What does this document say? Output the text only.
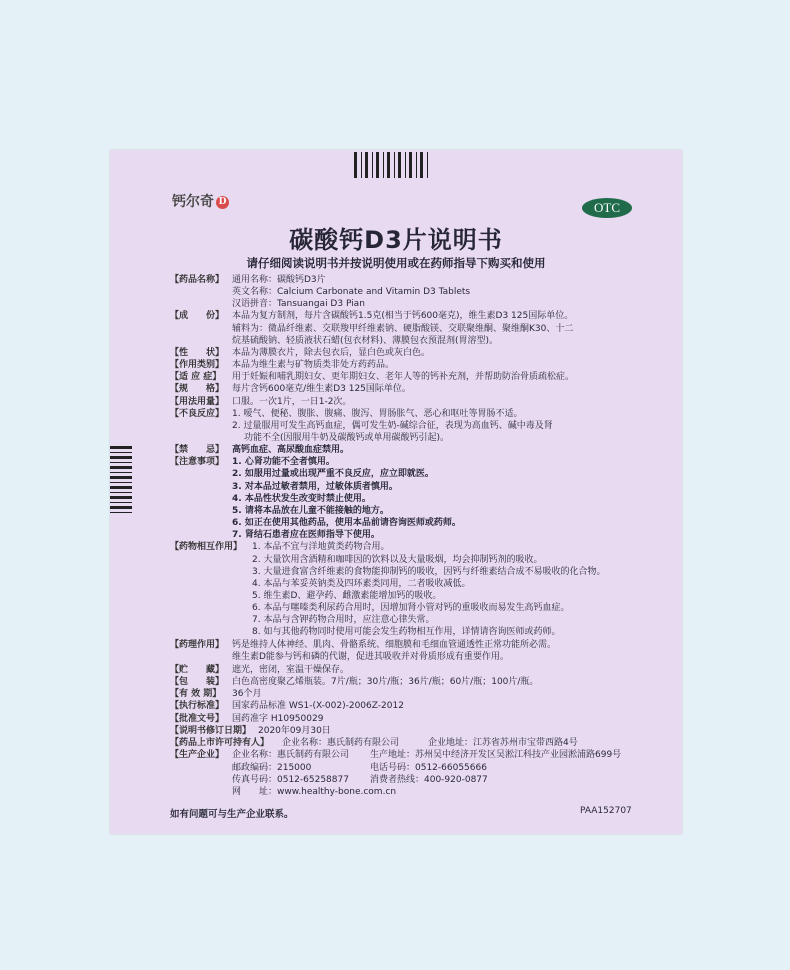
钙尔奇 D	OTC
碳酸钙D3片说明书
请仔细阅读说明书并按说明使用或在药师指导下购买和使用
【药品名称】 通用名称：碳酸钙D3片
英文名称：Calcium Carbonate and Vitamin D3 Tablets
汉语拼音：Tansuangai D3 Pian
【成　　份】 本品为复方制剂，每片含碳酸钙1.5克(相当于钙600毫克)，维生素D3 125国际单位。
辅料为：微晶纤维素、交联羧甲纤维素钠、硬脂酸镁、交联聚维酮、聚维酮K30、十二
烷基硫酸钠、轻质液状石蜡(包衣材料)、薄膜包衣预混剂(胃溶型)。
【性　　状】 本品为薄膜衣片，除去包衣后，显白色或灰白色。
【作用类别】 本品为维生素与矿物质类非处方药药品。
【适 应 症】	用于妊娠和哺乳期妇女、更年期妇女、老年人等的钙补充剂，并帮助防治骨质疏松症。
【规　　格】 每片含钙600毫克/维生素D3 125国际单位。
【用法用量】 口服。一次1片，一日1-2次。
【不良反应】 1. 嗳气、便秘、腹胀、腹痛、腹泻、胃肠胀气、恶心和呕吐等胃肠不适。
2. 过量服用可发生高钙血症，偶可发生奶-碱综合征，表现为高血钙、碱中毒及肾
功能不全(因服用牛奶及碳酸钙或单用碳酸钙引起)。
【禁　　忌】 高钙血症、高尿酸血症禁用。
【注意事项】 1. 心肾功能不全者慎用。
2. 如服用过量或出现严重不良反应，应立即就医。
3. 对本品过敏者禁用，过敏体质者慎用。
4. 本品性状发生改变时禁止使用。
5. 请将本品放在儿童不能接触的地方。
6. 如正在使用其他药品，使用本品前请咨询医师或药师。
7. 肾结石患者应在医师指导下使用。
【药物相互作用】 1. 本品不宜与洋地黄类药物合用。
2. 大量饮用含酒精和咖啡因的饮料以及大量吸烟，均会抑制钙剂的吸收。
3. 大量进食富含纤维素的食物能抑制钙的吸收，因钙与纤维素结合成不易吸收的化合物。
4. 本品与苯妥英钠类及四环素类同用，二者吸收减低。
5. 维生素D、避孕药、雌激素能增加钙的吸收。
6. 本品与噻嗪类利尿药合用时，因增加肾小管对钙的重吸收而易发生高钙血症。
7. 本品与含钾药物合用时，应注意心律失常。
8. 如与其他药物同时使用可能会发生药物相互作用，详情请咨询医师或药师。
【药理作用】 钙是维持人体神经、肌肉、骨骼系统、细胞膜和毛细血管通透性正常功能所必需。
维生素D能参与钙和磷的代谢，促进其吸收并对骨质形成有重要作用。
【贮　　藏】 遮光，密闭，室温干燥保存。
【包　　装】 白色高密度聚乙烯瓶装。7片/瓶；30片/瓶；36片/瓶；60片/瓶；100片/瓶。
【有 效 期】	36个月
【执行标准】 国家药品标准 WS1-(X-002)-2006Z-2012
【批准文号】 国药准字 H10950029
【说明书修订日期】 2020年09月30日
【药品上市许可持有人】 企业名称：惠氏制药有限公司	企业地址：江苏省苏州市宝带西路4号
【生产企业】 企业名称：惠氏制药有限公司 生产地址：苏州吴中经济开发区吴淞江科技产业园淞浦路699号
邮政编码：215000	电话号码：0512-66055666
传真号码：0512-65258877 消费者热线：400-920-0877
网　　址：www.healthy-bone.com.cn
如有问题可与生产企业联系。	PAA152707
